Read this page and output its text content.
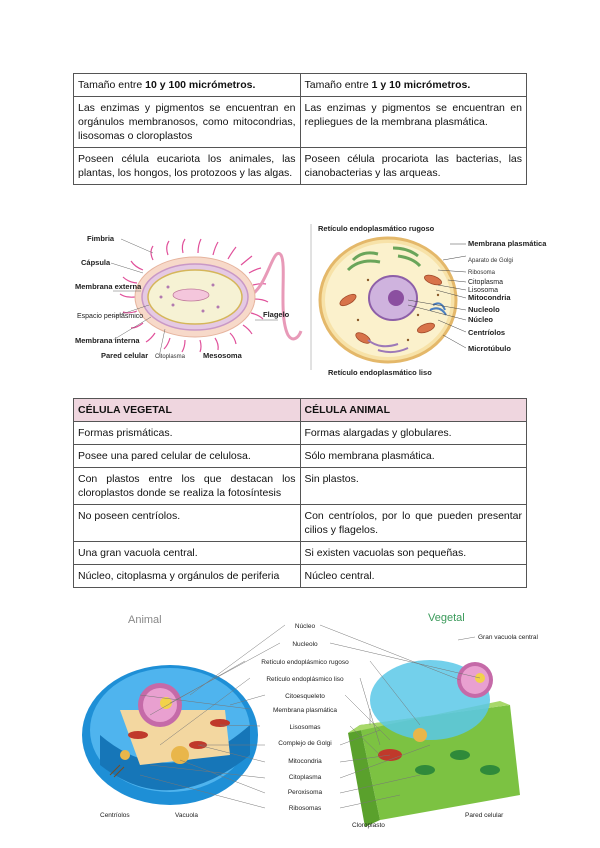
Tamaño entre 10 y 100 micrómetros.	Tamaño entre 1 y 10 micrómetros.
Las enzimas y pigmentos se encuentran en orgánulos membranosos, como mitocondrias, lisosomas o cloroplastos	Las enzimas y pigmentos se encuentran en repliegues de la membrana plasmática.
Poseen célula eucariota los animales, las plantas, los hongos, los protozoos y las algas.	Poseen célula procariota las bacterias, las cianobacterias y las arqueas.
Fimbria
Cápsula
Membrana externa
Espacio periplásmico
Membrana interna
Pared celular Citoplasma Mesosoma
Flagelo
Retículo endoplasmático rugoso
Membrana plasmática
Aparato de Golgi
Ribosoma
Citoplasma
Lisosoma
Mitocondria
Nucleolo
Núcleo
Centríolos
Microtúbulo
Retículo endoplasmático liso
CÉLULA VEGETAL	CÉLULA ANIMAL
Formas prismáticas.	Formas alargadas y globulares.
Posee una pared celular de celulosa.	Sólo membrana plasmática.
Con plastos entre los que destacan los cloroplastos donde se realiza la fotosíntesis	Sin plastos.
No poseen centríolos.	Con centríolos, por lo que pueden presentar cilios y flagelos.
Una gran vacuola central.	Si existen vacuolas son pequeñas.
Núcleo, citoplasma y orgánulos de periferia	Núcleo central.
Animal	Vegetal
Núcleo
Nucleolo
Retículo endoplásmico rugoso
Retículo endoplásmico liso
Citoesqueleto
Membrana plasmática
Lisosomas
Complejo de Golgi
Mitocondria
Citoplasma
Peroxisoma
Ribosomas
Gran vacuola central
Centríolos	Vacuola
Cloroplasto
Pared celular
